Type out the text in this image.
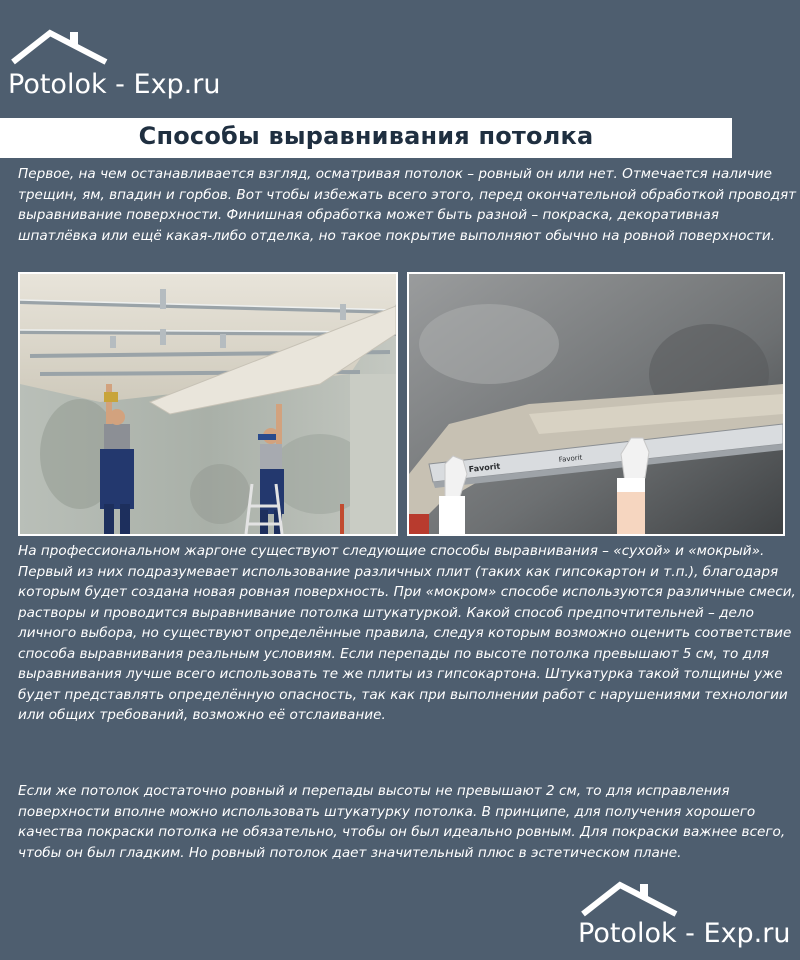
Potolok - Exp.ru
Способы выравнивания потолка

Первое, на чем останавливается взгляд, осматривая потолок – ровный он или нет. Отмечается наличие трещин, ям, впадин и горбов. Вот чтобы избежать всего этого, перед окончательной обработкой проводят выравнивание поверхности. Финишная обработка может быть разной – покраска, декоративная шпатлёвка или ещё какая-либо отделка, но такое покрытие выполняют обычно на ровной поверхности.

Favorit
Favorit

На профессиональном жаргоне существуют следующие способы выравнивания – «сухой» и «мокрый». Первый из них подразумевает использование различных плит (таких как гипсокартон и т.п.), благодаря которым будет создана новая ровная поверхность. При «мокром» способе используются различные смеси, растворы и проводится выравнивание потолка штукатуркой. Какой способ предпочтительней – дело личного выбора, но существуют определённые правила, следуя которым возможно оценить соответствие способа выравнивания реальным условиям. Если перепады по высоте потолка превышают 5 см, то для выравнивания лучше всего использовать те же плиты из гипсокартона. Штукатурка такой толщины уже будет представлять определённую опасность, так как при выполнении работ с нарушениями технологии или общих требований, возможно её отслаивание.

Если же потолок достаточно ровный и перепады высоты не превышают 2 см, то для исправления поверхности вполне можно использовать штукатурку потолка. В принципе, для получения хорошего качества покраски потолка не обязательно, чтобы он был идеально ровным. Для покраски важнее всего, чтобы он был гладким. Но ровный потолок дает значительный плюс в эстетическом плане.

Potolok - Exp.ru
